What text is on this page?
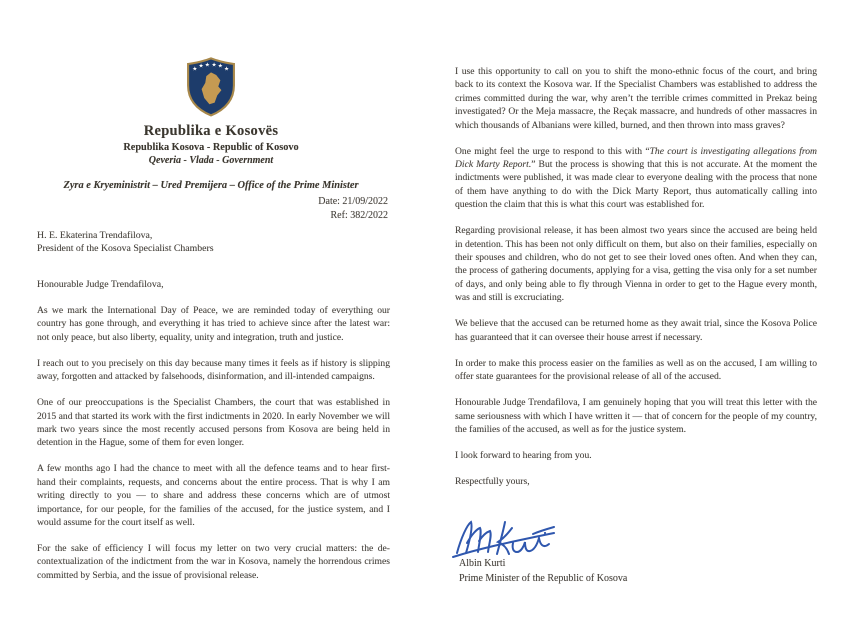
★ ★ ★ ★ ★ ★
Republika e Kosovës
Republika Kosova - Republic of Kosovo
Qeveria - Vlada - Government
Zyra e Kryeministrit – Ured Premijera – Office of the Prime Minister
Date: 21/09/2022
Ref: 382/2022
H. E. Ekaterina Trendafilova,
President of the Kosova Specialist Chambers
Honourable Judge Trendafilova,

As we mark the International Day of Peace, we are reminded today of everything our country has gone through, and everything it has tried to achieve since after the latest war: not only peace, but also liberty, equality, unity and integration, truth and justice.

I reach out to you precisely on this day because many times it feels as if history is slipping away, forgotten and attacked by falsehoods, disinformation, and ill-intended campaigns.

One of our preoccupations is the Specialist Chambers, the court that was established in 2015 and that started its work with the first indictments in 2020. In early November we will mark two years since the most recently accused persons from Kosova are being held in detention in the Hague, some of them for even longer.

A few months ago I had the chance to meet with all the defence teams and to hear first-hand their complaints, requests, and concerns about the entire process. That is why I am writing directly to you — to share and address these concerns which are of utmost importance, for our people, for the families of the accused, for the justice system, and I would assume for the court itself as well.

For the sake of efficiency I will focus my letter on two very crucial matters: the de-contextualization of the indictment from the war in Kosova, namely the horrendous crimes committed by Serbia, and the issue of provisional release.

I use this opportunity to call on you to shift the mono-ethnic focus of the court, and bring back to its context the Kosova war. If the Specialist Chambers was established to address the crimes committed during the war, why aren’t the terrible crimes committed in Prekaz being investigated? Or the Meja massacre, the Reçak massacre, and hundreds of other massacres in which thousands of Albanians were killed, burned, and then thrown into mass graves?

One might feel the urge to respond to this with “The court is investigating allegations from Dick Marty Report.” But the process is showing that this is not accurate. At the moment the indictments were published, it was made clear to everyone dealing with the process that none of them have anything to do with the Dick Marty Report, thus automatically calling into question the claim that this is what this court was established for.

Regarding provisional release, it has been almost two years since the accused are being held in detention. This has been not only difficult on them, but also on their families, especially on their spouses and children, who do not get to see their loved ones often. And when they can, the process of gathering documents, applying for a visa, getting the visa only for a set number of days, and only being able to fly through Vienna in order to get to the Hague every month, was and still is excruciating.

We believe that the accused can be returned home as they await trial, since the Kosova Police has guaranteed that it can oversee their house arrest if necessary.

In order to make this process easier on the families as well as on the accused, I am willing to offer state guarantees for the provisional release of all of the accused.

Honourable Judge Trendafilova, I am genuinely hoping that you will treat this letter with the same seriousness with which I have written it — that of concern for the people of my country, the families of the accused, as well as for the justice system.

I look forward to hearing from you.

Respectfully yours,

Albin Kurti
Prime Minister of the Republic of Kosova
